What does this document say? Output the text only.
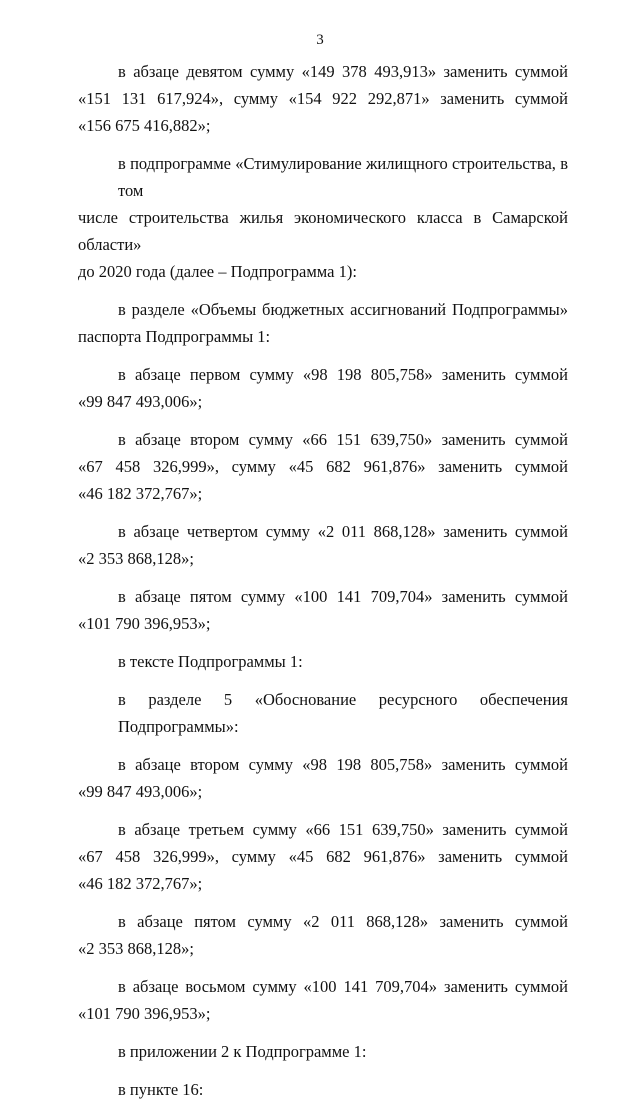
3
в абзаце девятом сумму «149 378 493,913» заменить суммой
«151 131 617,924», сумму «154 922 292,871» заменить суммой
«156 675 416,882»;
в подпрограмме «Стимулирование жилищного строительства, в том
числе строительства жилья экономического класса в Самарской области»
до 2020 года (далее – Подпрограмма 1):
в разделе «Объемы бюджетных ассигнований Подпрограммы»
паспорта Подпрограммы 1:
в абзаце первом сумму «98 198 805,758» заменить суммой
«99 847 493,006»;
в абзаце втором сумму «66 151 639,750» заменить суммой
«67 458 326,999», сумму «45 682 961,876» заменить суммой
«46 182 372,767»;
в абзаце четвертом сумму «2 011 868,128» заменить суммой
«2 353 868,128»;
в абзаце пятом сумму «100 141 709,704» заменить суммой
«101 790 396,953»;
в тексте Подпрограммы 1:
в разделе 5 «Обоснование ресурсного обеспечения Подпрограммы»:
в абзаце втором сумму «98 198 805,758» заменить суммой
«99 847 493,006»;
в абзаце третьем сумму «66 151 639,750» заменить суммой
«67 458 326,999», сумму «45 682 961,876» заменить суммой
«46 182 372,767»;
в абзаце пятом сумму «2 011 868,128» заменить суммой
«2 353 868,128»;
в абзаце восьмом сумму «100 141 709,704» заменить суммой
«101 790 396,953»;
в приложении 2 к Подпрограмме 1:
в пункте 16:
